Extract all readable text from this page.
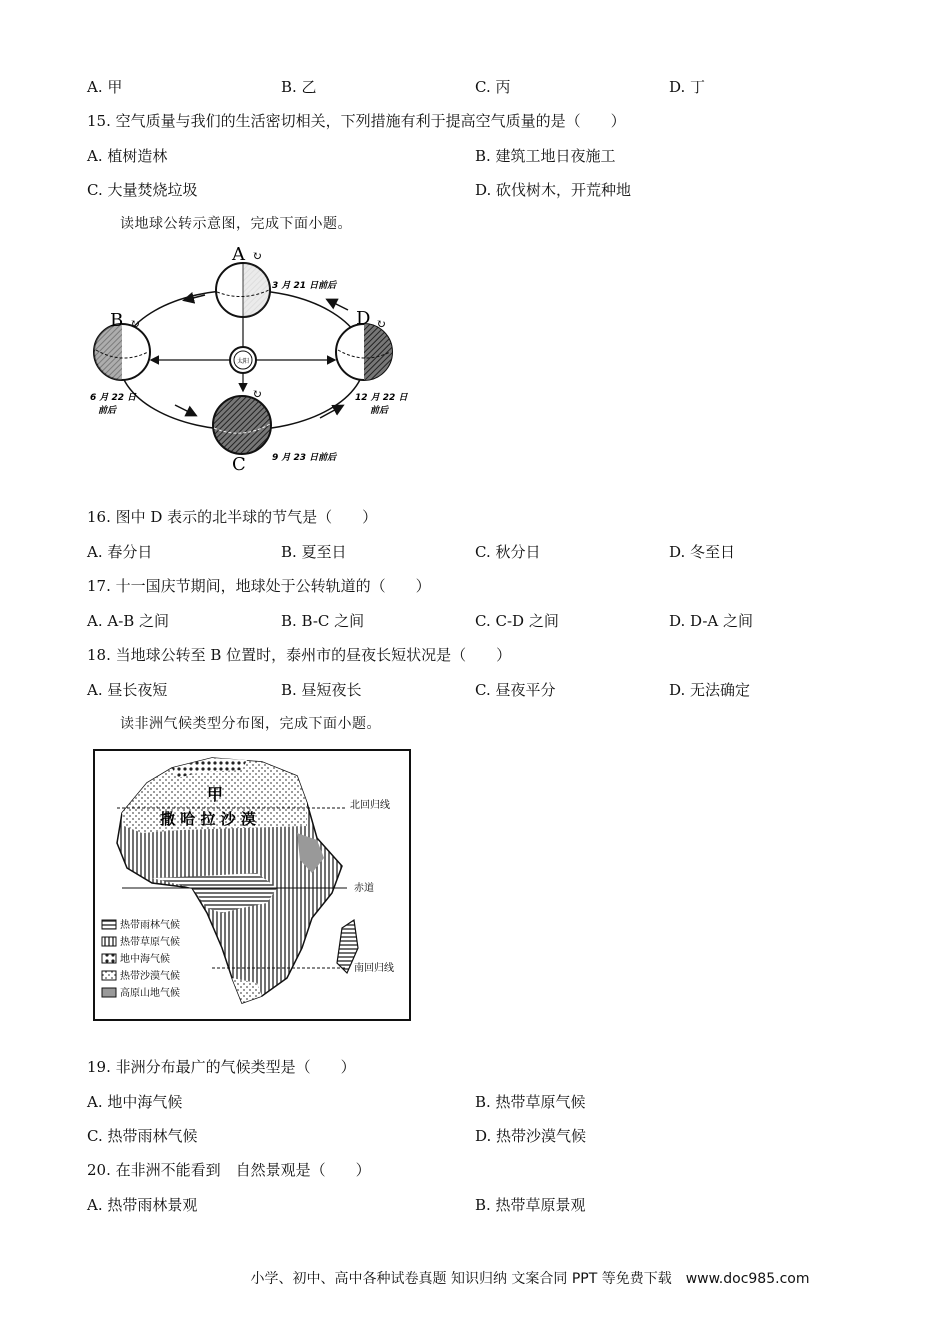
A. 甲	B. 乙	C. 丙	D. 丁
15. 空气质量与我们的生活密切相关，下列措施有利于提高空气质量的是（　　）
A. 植树造林	B. 建筑工地日夜施工
C. 大量焚烧垃圾	D. 砍伐树木，开荒种地
读地球公转示意图，完成下面小题。
太阳
A ↻
3 月 21 日前后
B ↻
6 月 22 日
前后
C
↻
9 月 23 日前后
D ↻
12 月 22 日
前后
16. 图中 D 表示的北半球的节气是（　　）
A. 春分日	B. 夏至日	C. 秋分日	D. 冬至日
17. 十一国庆节期间，地球处于公转轨道的（　　）
A. A-B 之间	B. B-C 之间	C. C-D 之间	D. D-A 之间
18. 当地球公转至 B 位置时，泰州市的昼夜长短状况是（　　）
A. 昼长夜短	B. 昼短夜长	C. 昼夜平分	D. 无法确定
读非洲气候类型分布图，完成下面小题。
甲
撒 哈 拉 沙 漠
北回归线
赤道
南回归线
热带雨林气候
热带草原气候
地中海气候
热带沙漠气候
高原山地气候
19. 非洲分布最广的气候类型是（　　）
A. 地中海气候	B. 热带草原气候
C. 热带雨林气候	D. 热带沙漠气候
20. 在非洲不能看到　自然景观是（　　）
A. 热带雨林景观	B. 热带草原景观
小学、初中、高中各种试卷真题 知识归纳 文案合同 PPT 等免费下载　www.doc985.com
